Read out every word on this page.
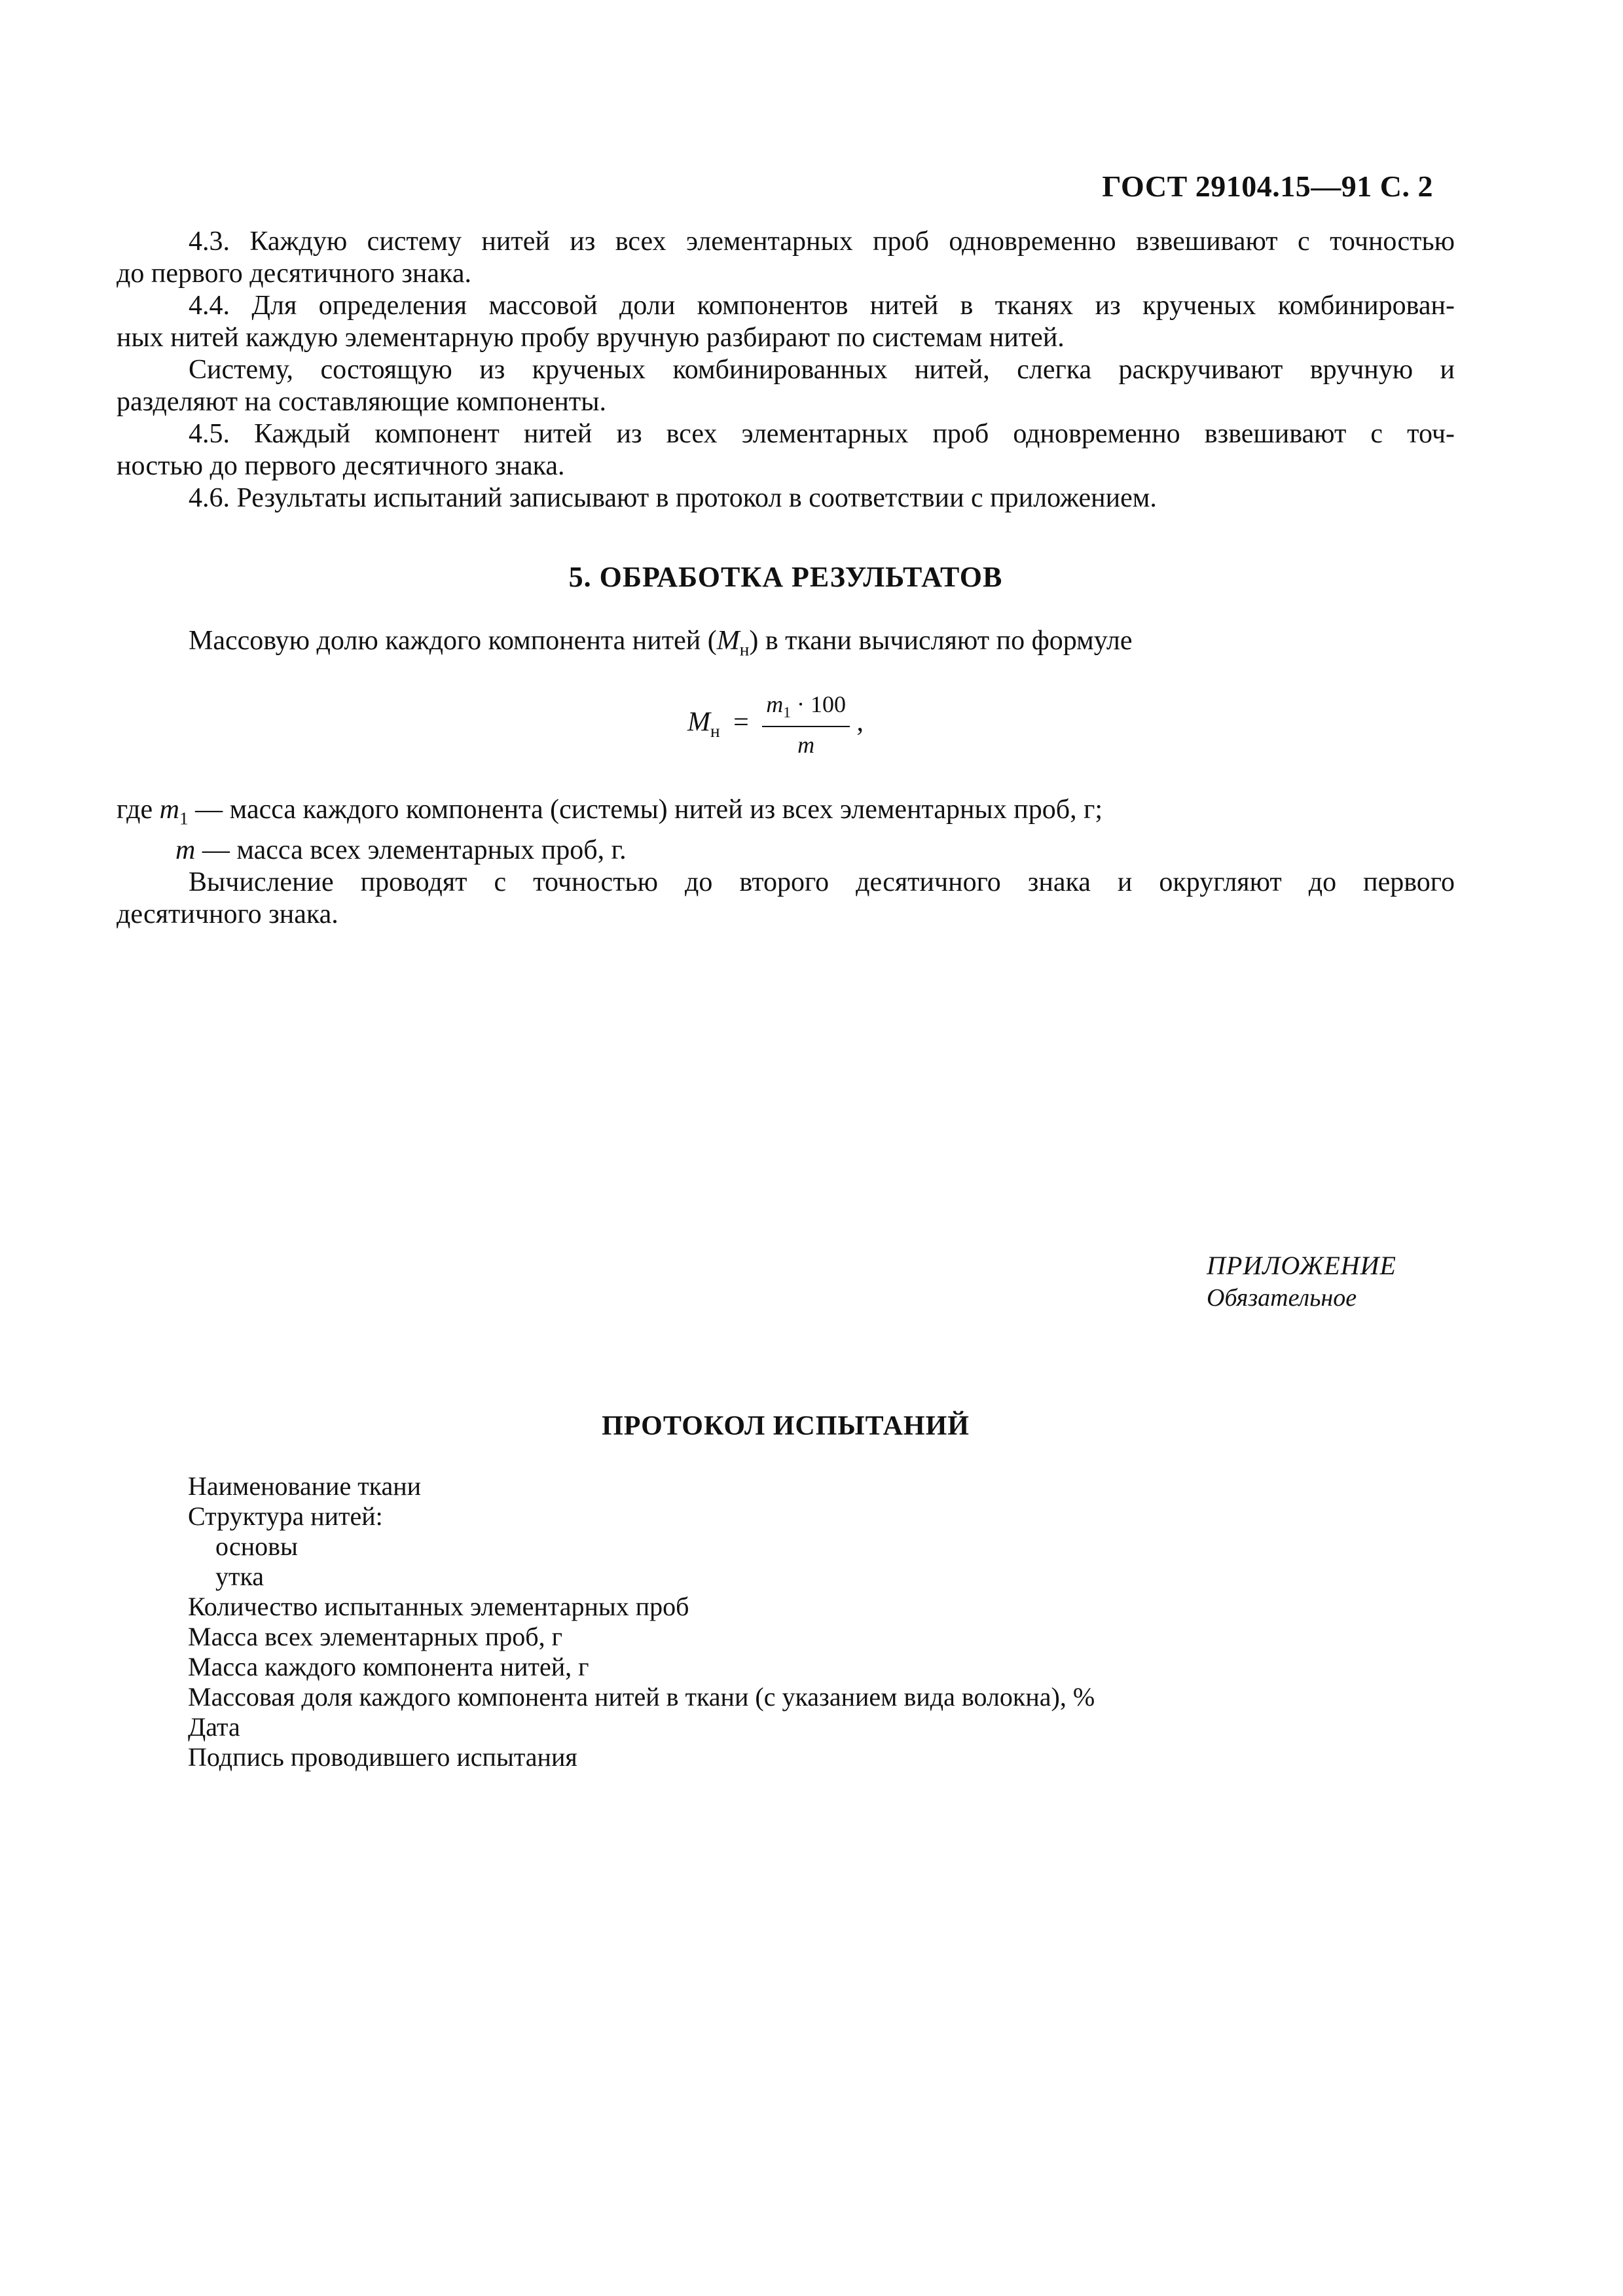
ГОСТ 29104.15—91 С. 2

4.3. Каждую систему нитей из всех элементарных проб одновременно взвешивают с точностью

до первого десятичного знака.

4.4. Для определения массовой доли компонентов нитей в тканях из крученых комбинирован-

ных нитей каждую элементарную пробу вручную разбирают по системам нитей.

Систему, состоящую из крученых комбинированных нитей, слегка раскручивают вручную и

разделяют на составляющие компоненты.

4.5. Каждый компонент нитей из всех элементарных проб одновременно взвешивают с точ-

ностью до первого десятичного знака.

4.6. Результаты испытаний записывают в протокол в соответствии с приложением.

5. ОБРАБОТКА РЕЗУЛЬТАТОВ

Массовую долю каждого компонента нитей $(M_н)$ в ткани вычисляют по формуле

$M_н = \frac{m_1 \cdot 100}{m}$ ,

где $m_1$ — масса каждого компонента (системы) нитей из всех элементарных проб, г;

m — масса всех элементарных проб, г.

Вычисление проводят с точностью до второго десятичного знака и округляют до первого

десятичного знака.

ПРИЛОЖЕНИЕ
Обязательное
ПРОТОКОЛ ИСПЫТАНИЙ
Наименование ткани
Структура нитей:
основы
утка
Количество испытанных элементарных проб
Масса всех элементарных проб, г
Масса каждого компонента нитей, г
Массовая доля каждого компонента нитей в ткани (с указанием вида волокна), %
Дата
Подпись проводившего испытания
